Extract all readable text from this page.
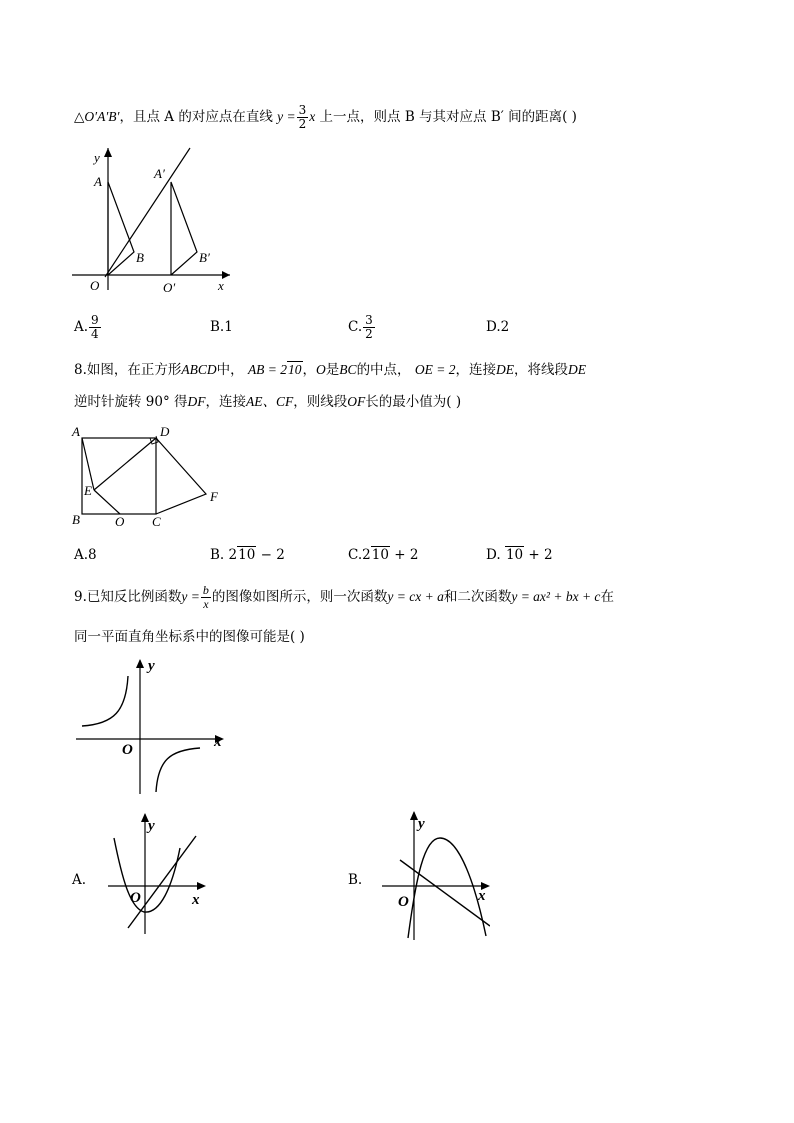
△O′A′B′，且点 A 的对应点在直线 $y = \frac{3}{2}$ x 上一点，则点 B 与其对应点 B′ 间的距离( )
y
x
A
A′
B	B′
O	O′
A. $\frac{9}{4}$	B.1	C. $\frac{3}{2}$	D.2
8.如图，在正方形ABCD中， AB = 210，O是BC的中点， OE = 2，连接DE，将线段DE
逆时针旋转 90° 得DF，连接AE、CF，则线段OF长的最小值为( )
A	D
E	F
B	O C
A.8	B. 210 − 2	C.210 + 2	D. 10 + 2
9.已知反比例函数$y = \frac{b}{x}$ 的图像如图所示，则一次函数y = cx + a和二次函数y = ax² + bx + c在
同一平面直角坐标系中的图像可能是( )
y
x
O
A.
y
x
O
B.
y
x
O
